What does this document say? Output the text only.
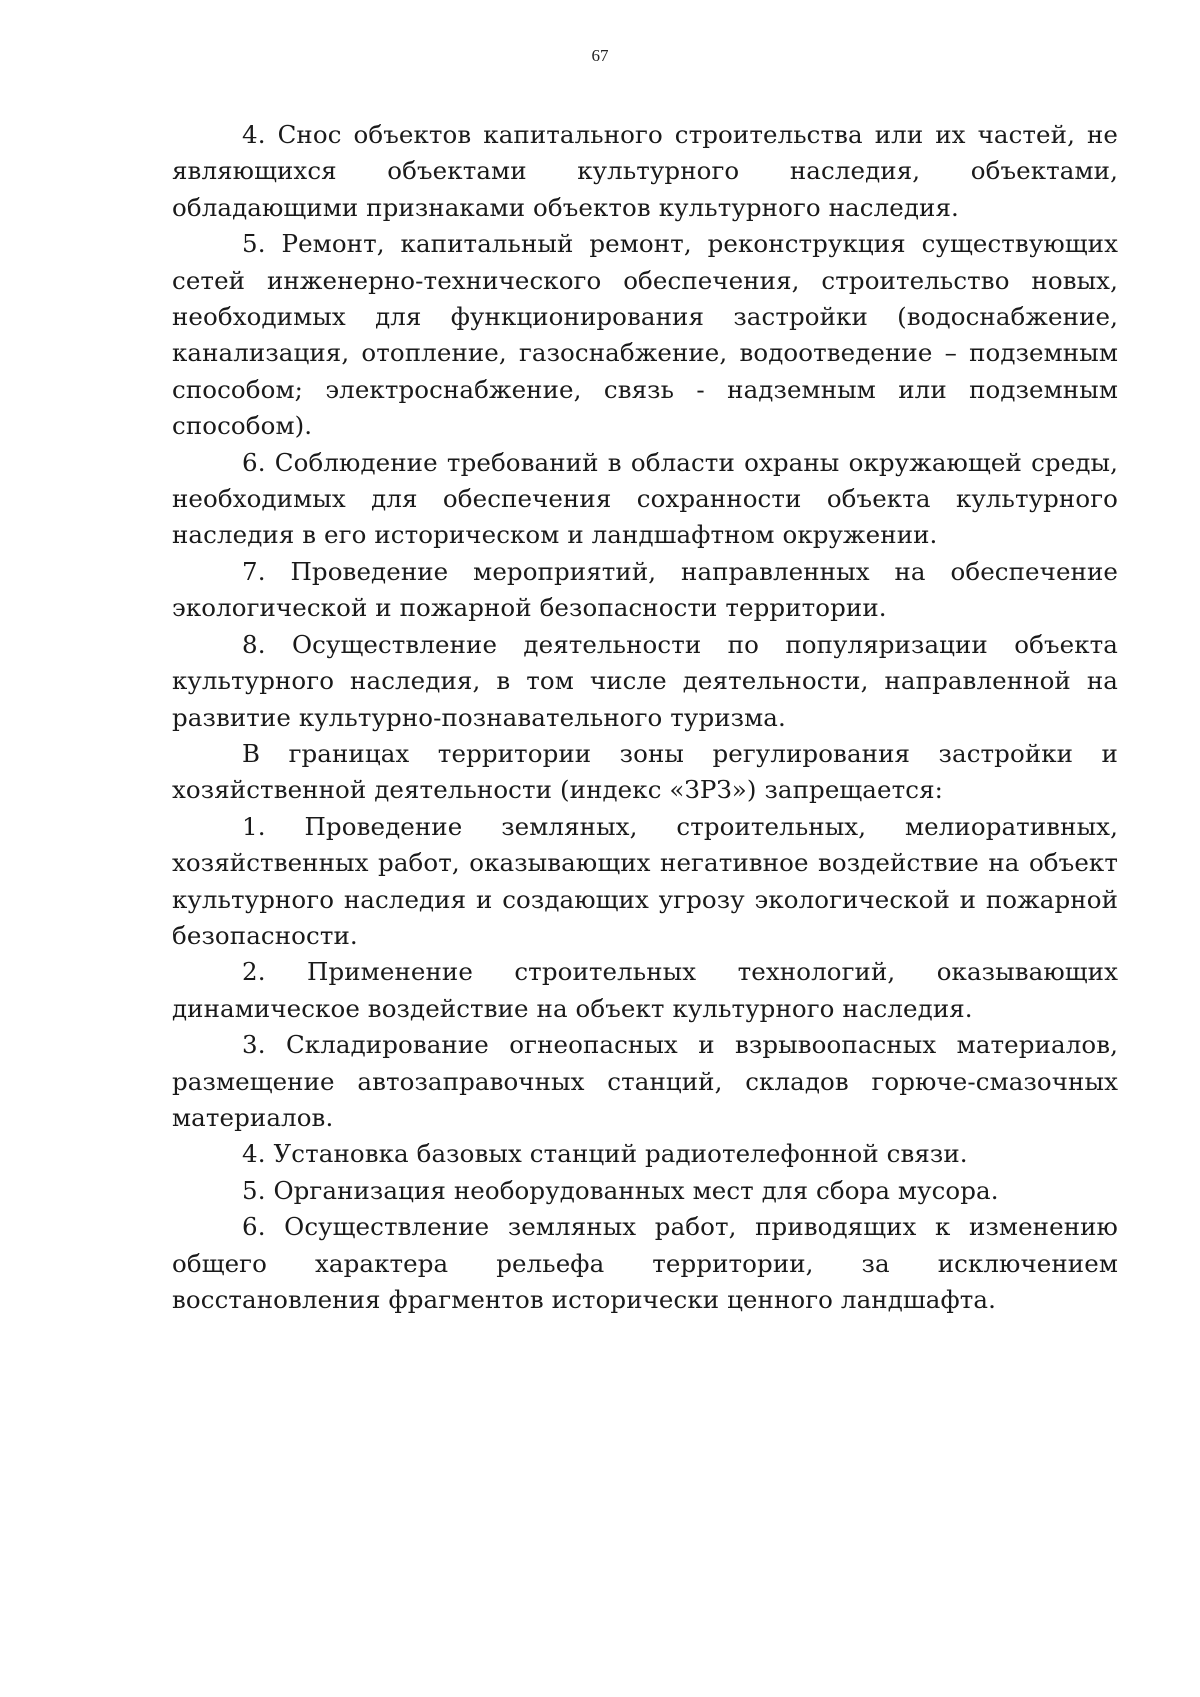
67

4. Снос объектов капитального строительства или их частей, не являющихся объектами культурного наследия, объектами, обладающими признаками объектов культурного наследия.

5. Ремонт, капитальный ремонт, реконструкция существующих сетей инженерно-технического обеспечения, строительство новых, необходимых для функционирования застройки (водоснабжение, канализация, отопление, газоснабжение, водоотведение – подземным способом; электроснабжение, связь - надземным или подземным способом).

6. Соблюдение требований в области охраны окружающей среды, необходимых для обеспечения сохранности объекта культурного наследия в его историческом и ландшафтном окружении.

7. Проведение мероприятий, направленных на обеспечение экологической и пожарной безопасности территории.

8. Осуществление деятельности по популяризации объекта культурного наследия, в том числе деятельности, направленной на развитие культурно-познавательного туризма.

В границах территории зоны регулирования застройки и хозяйственной деятельности (индекс «ЗРЗ») запрещается:

1. Проведение земляных, строительных, мелиоративных, хозяйственных работ, оказывающих негативное воздействие на объект культурного наследия и создающих угрозу экологической и пожарной безопасности.

2. Применение строительных технологий, оказывающих динамическое воздействие на объект культурного наследия.

3. Складирование огнеопасных и взрывоопасных материалов, размещение автозаправочных станций, складов горюче-смазочных материалов.

4. Установка базовых станций радиотелефонной связи.

5. Организация необорудованных мест для сбора мусора.

6. Осуществление земляных работ, приводящих к изменению общего характера рельефа территории, за исключением восстановления фрагментов исторически ценного ландшафта.
